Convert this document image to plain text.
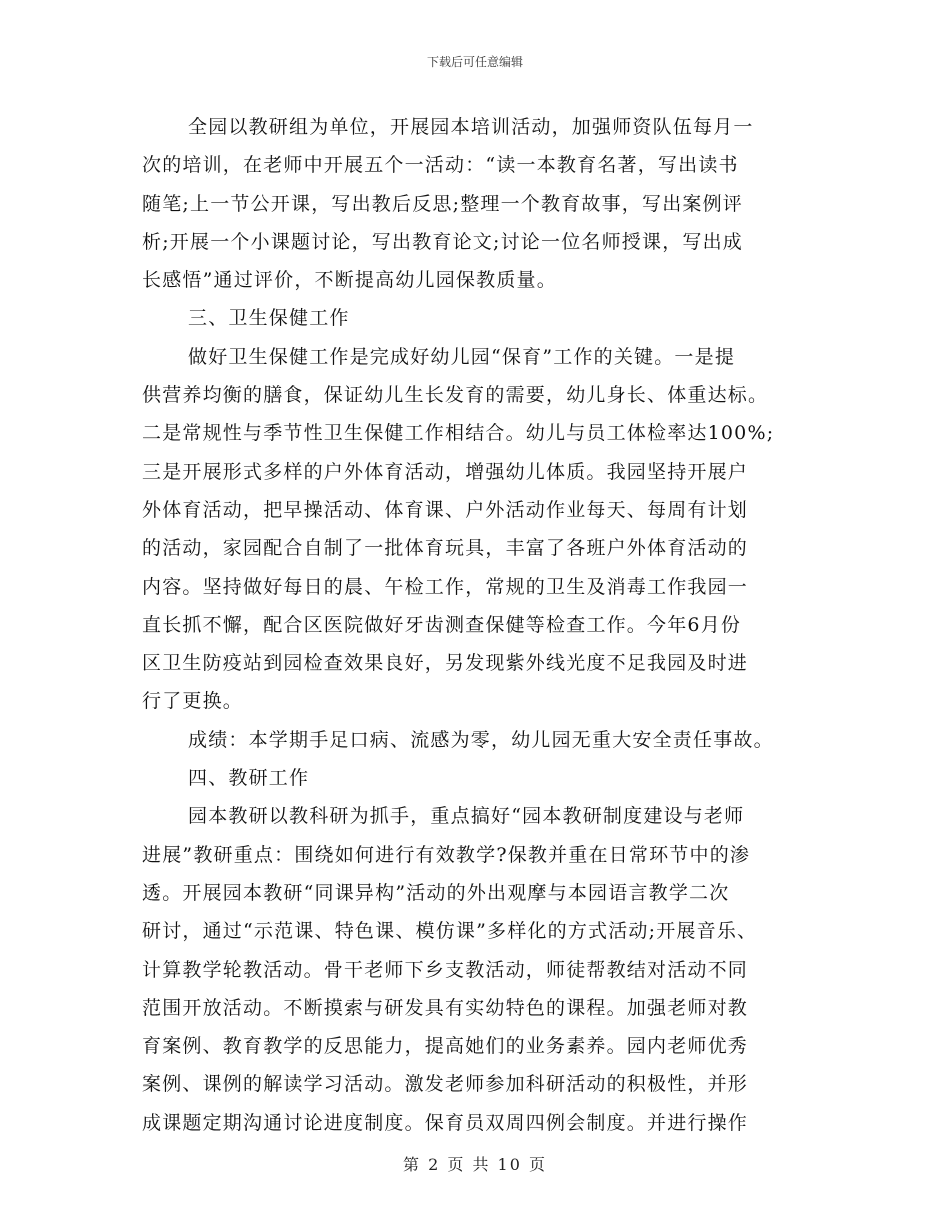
下载后可任意编辑
全园以教研组为单位，开展园本培训活动，加强师资队伍每月一
次的培训，在老师中开展五个一活动：“读一本教育名著，写出读书
随笔;上一节公开课，写出教后反思;整理一个教育故事，写出案例评
析;开展一个小课题讨论，写出教育论文;讨论一位名师授课，写出成
长感悟”通过评价，不断提高幼儿园保教质量。
三、卫生保健工作
做好卫生保健工作是完成好幼儿园“保育”工作的关键。一是提
供营养均衡的膳食，保证幼儿生长发育的需要，幼儿身长、体重达标。
二是常规性与季节性卫生保健工作相结合。幼儿与员工体检率达100%;
三是开展形式多样的户外体育活动，增强幼儿体质。我园坚持开展户
外体育活动，把早操活动、体育课、户外活动作业每天、每周有计划
的活动，家园配合自制了一批体育玩具，丰富了各班户外体育活动的
内容。坚持做好每日的晨、午检工作，常规的卫生及消毒工作我园一
直长抓不懈，配合区医院做好牙齿测查保健等检查工作。今年6月份
区卫生防疫站到园检查效果良好，另发现紫外线光度不足我园及时进
行了更换。
成绩：本学期手足口病、流感为零，幼儿园无重大安全责任事故。
四、教研工作
园本教研以教科研为抓手，重点搞好“园本教研制度建设与老师
进展”教研重点：围绕如何进行有效教学?保教并重在日常环节中的渗
透。开展园本教研“同课异构”活动的外出观摩与本园语言教学二次
研讨，通过“示范课、特色课、模仿课”多样化的方式活动;开展音乐、
计算教学轮教活动。骨干老师下乡支教活动，师徒帮教结对活动不同
范围开放活动。不断摸索与研发具有实幼特色的课程。加强老师对教
育案例、教育教学的反思能力，提高她们的业务素养。园内老师优秀
案例、课例的解读学习活动。激发老师参加科研活动的积极性，并形
成课题定期沟通讨论进度制度。保育员双周四例会制度。并进行操作
第 2 页 共 10 页
